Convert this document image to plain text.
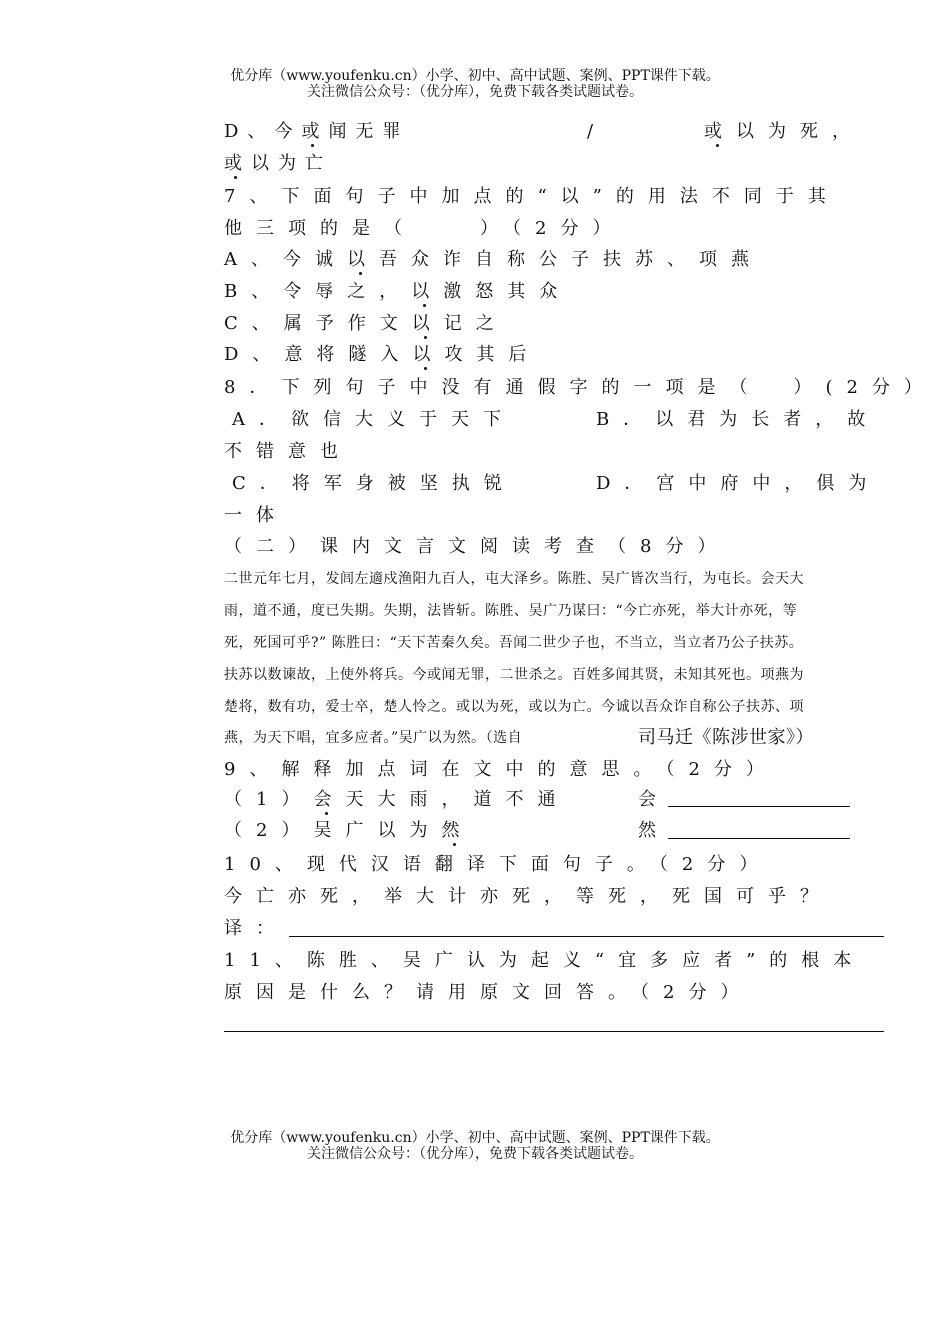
优分库（www.youfenku.cn）小学、初中、高中试题、案例、PPT课件下载。
关注微信公众号：（优分库），免费下载各类试题试卷。
D、今或闻无罪	/	或以为死，
或以为亡
7、下面句子中加点的“以”的用法不同于其
他三项的是（　　）（2分）
A、今诚以吾众诈自称公子扶苏、项燕
B、令辱之，以激怒其众
C、属予作文以记之
D、意将隧入以攻其后
8．下列句子中没有通假字的一项是（　）(2分）
A．欲信大义于天下	B．以君为长者，故
不错意也
C．将军身被坚执锐	D．宫中府中，俱为
一体
（二）课内文言文阅读考查（8分）
二世元年七月，发闾左適戍渔阳九百人，屯大泽乡。陈胜、吴广皆次当行，为屯长。会天大
雨，道不通，度已失期。失期，法皆斩。陈胜、吴广乃谋曰：“今亡亦死，举大计亦死，等
死，死国可乎?” 陈胜曰：“天下苦秦久矣。吾闻二世少子也，不当立，当立者乃公子扶苏。
扶苏以数谏故，上使外将兵。今或闻无罪，二世杀之。百姓多闻其贤，未知其死也。项燕为
楚将，数有功，爱士卒，楚人怜之。或以为死，或以为亡。今诚以吾众诈自称公子扶苏、项
燕，为天下唱，宜多应者。”吴广以为然。（选自	司马迁《陈涉世家》）
9、解释加点词在文中的意思。（2分）
（1）会天大雨，道不通	会
（2）吴广以为然	然
10、现代汉语翻译下面句子。（2分）
今亡亦死，举大计亦死，等死，死国可乎？
译：
11、陈胜、吴广认为起义“宜多应者”的根本
原因是什么？请用原文回答。（2分）
优分库（www.youfenku.cn）小学、初中、高中试题、案例、PPT课件下载。
关注微信公众号：（优分库），免费下载各类试题试卷。
